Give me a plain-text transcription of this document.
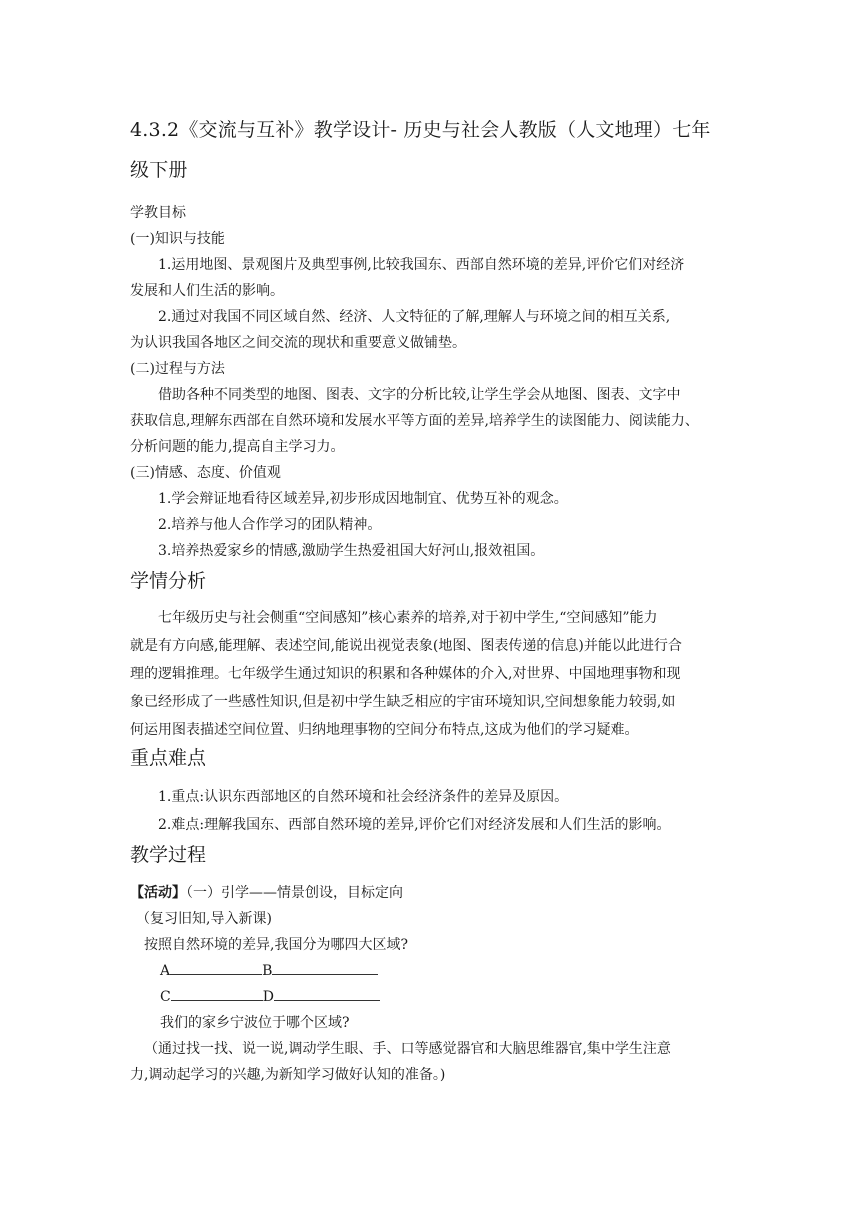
4.3.2《交流与互补》教学设计- 历史与社会人教版（人文地理）七年
级下册
学教目标
(一)知识与技能
1.运用地图、景观图片及典型事例,比较我国东、西部自然环境的差异,评价它们对经济
发展和人们生活的影响。
2.通过对我国不同区域自然、经济、人文特征的了解,理解人与环境之间的相互关系,
为认识我国各地区之间交流的现状和重要意义做铺垫。
(二)过程与方法
借助各种不同类型的地图、图表、文字的分析比较,让学生学会从地图、图表、文字中
获取信息,理解东西部在自然环境和发展水平等方面的差异,培养学生的读图能力、阅读能力、
分析问题的能力,提高自主学习力。
(三)情感、态度、价值观
1.学会辩证地看待区域差异,初步形成因地制宜、优势互补的观念。
2.培养与他人合作学习的团队精神。
3.培养热爱家乡的情感,激励学生热爱祖国大好河山,报效祖国。
学情分析
七年级历史与社会侧重“空间感知”核心素养的培养,对于初中学生,“空间感知”能力
就是有方向感,能理解、表述空间,能说出视觉表象(地图、图表传递的信息)并能以此进行合
理的逻辑推理。七年级学生通过知识的积累和各种媒体的介入,对世界、中国地理事物和现
象已经形成了一些感性知识,但是初中学生缺乏相应的宇宙环境知识,空间想象能力较弱,如
何运用图表描述空间位置、归纳地理事物的空间分布特点,这成为他们的学习疑难。
重点难点
1.重点:认识东西部地区的自然环境和社会经济条件的差异及原因。
2.难点:理解我国东、西部自然环境的差异,评价它们对经济发展和人们生活的影响。
教学过程
【活动】（一）引学——情景创设，目标定向
（复习旧知,导入新课)
按照自然环境的差异,我国分为哪四大区域?
A	B
C	D
我们的家乡宁波位于哪个区域?
（通过找一找、说一说,调动学生眼、手、口等感觉器官和大脑思维器官,集中学生注意
力,调动起学习的兴趣,为新知学习做好认知的准备。)
